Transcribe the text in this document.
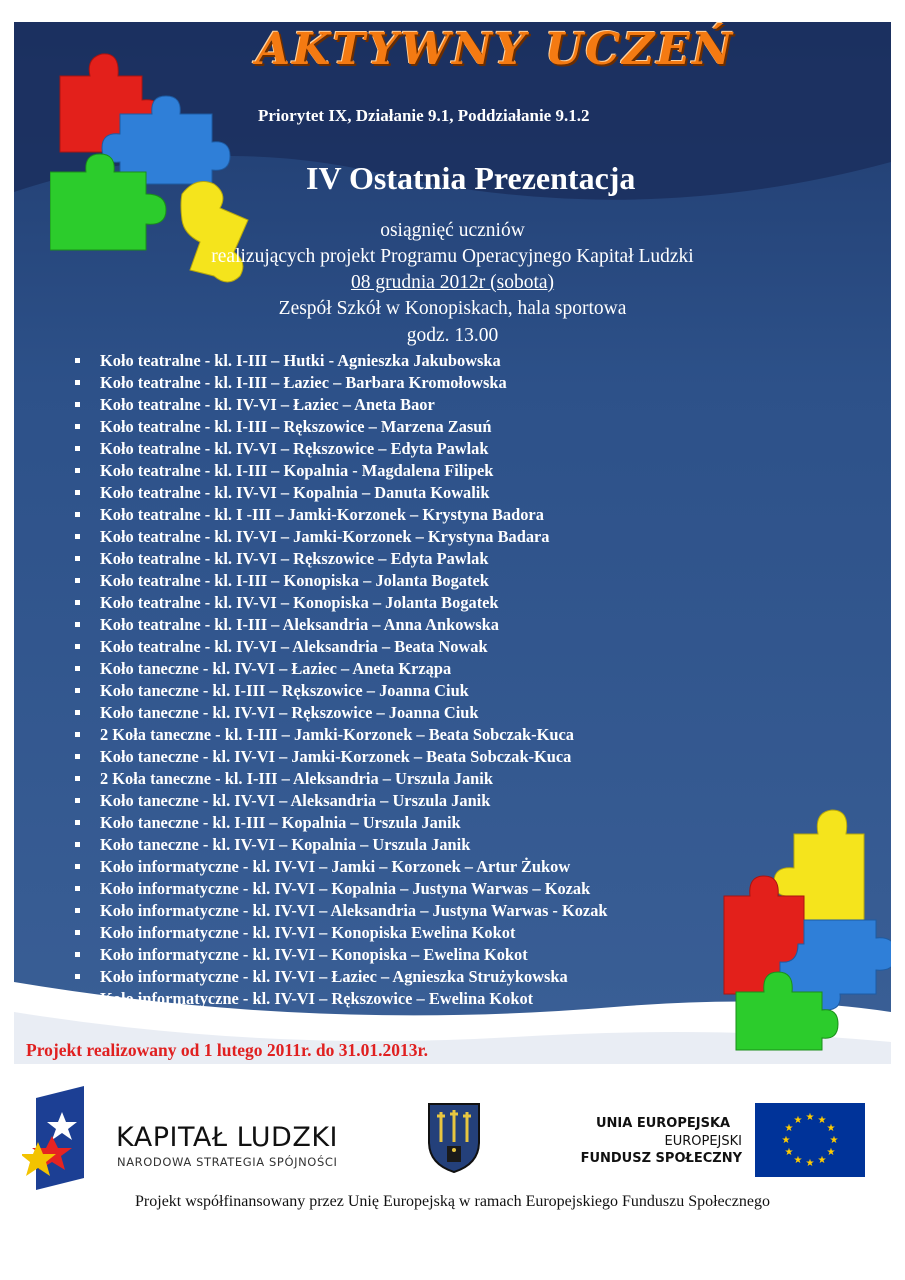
AKTYWNY UCZEŃ
Priorytet IX, Działanie 9.1, Poddziałanie 9.1.2
IV Ostatnia Prezentacja
osiągnięć uczniów
realizujących projekt Programu Operacyjnego Kapitał Ludzki
08 grudnia 2012r (sobota)
Zespół Szkół w Konopiskach, hala sportowa
godz. 13.00
Koło teatralne - kl. I-III – Hutki - Agnieszka Jakubowska
Koło teatralne - kl. I-III – Łaziec – Barbara Kromołowska
Koło teatralne - kl. IV-VI – Łaziec – Aneta Baor
Koło teatralne - kl. I-III – Rększowice – Marzena Zasuń
Koło teatralne - kl. IV-VI – Rększowice – Edyta Pawlak
Koło teatralne - kl. I-III – Kopalnia - Magdalena Filipek
Koło teatralne - kl. IV-VI – Kopalnia – Danuta Kowalik
Koło teatralne - kl. I -III – Jamki-Korzonek – Krystyna Badora
Koło teatralne - kl. IV-VI – Jamki-Korzonek – Krystyna Badara
Koło teatralne - kl. IV-VI – Rększowice – Edyta Pawlak
Koło teatralne - kl. I-III – Konopiska – Jolanta Bogatek
Koło teatralne - kl. IV-VI – Konopiska – Jolanta Bogatek
Koło teatralne - kl. I-III – Aleksandria – Anna Ankowska
Koło teatralne - kl. IV-VI – Aleksandria – Beata Nowak
Koło taneczne - kl. IV-VI – Łaziec – Aneta Krząpa
Koło taneczne - kl. I-III – Rększowice – Joanna Ciuk
Koło taneczne - kl. IV-VI – Rększowice – Joanna Ciuk
2 Koła taneczne - kl. I-III – Jamki-Korzonek – Beata Sobczak-Kuca
Koło taneczne - kl. IV-VI – Jamki-Korzonek – Beata Sobczak-Kuca
2 Koła taneczne - kl. I-III – Aleksandria – Urszula Janik
Koło taneczne - kl. IV-VI – Aleksandria – Urszula Janik
Koło taneczne - kl. I-III – Kopalnia – Urszula Janik
Koło taneczne - kl. IV-VI – Kopalnia – Urszula Janik
Koło informatyczne - kl. IV-VI – Jamki – Korzonek – Artur Żukow
Koło informatyczne - kl. IV-VI – Kopalnia – Justyna Warwas – Kozak
Koło informatyczne - kl. IV-VI – Aleksandria – Justyna Warwas - Kozak
Koło informatyczne - kl. IV-VI – Konopiska Ewelina Kokot
Koło informatyczne - kl. IV-VI – Konopiska – Ewelina Kokot
Koło informatyczne - kl. IV-VI – Łaziec – Agnieszka Strużykowska
Koło informatyczne - kl. IV-VI – Rększowice – Ewelina Kokot
Projekt realizowany od 1 lutego 2011r. do 31.01.2013r.
KAPITAŁ LUDZKI
NARODOWA STRATEGIA SPÓJNOŚCI
UNIA EUROPEJSKA
EUROPEJSKI
FUNDUSZ SPOŁECZNY
★ ★
★
★
★
★
★
★
★
★
★
★
Projekt współfinansowany przez Unię Europejską w ramach Europejskiego Funduszu Społecznego
